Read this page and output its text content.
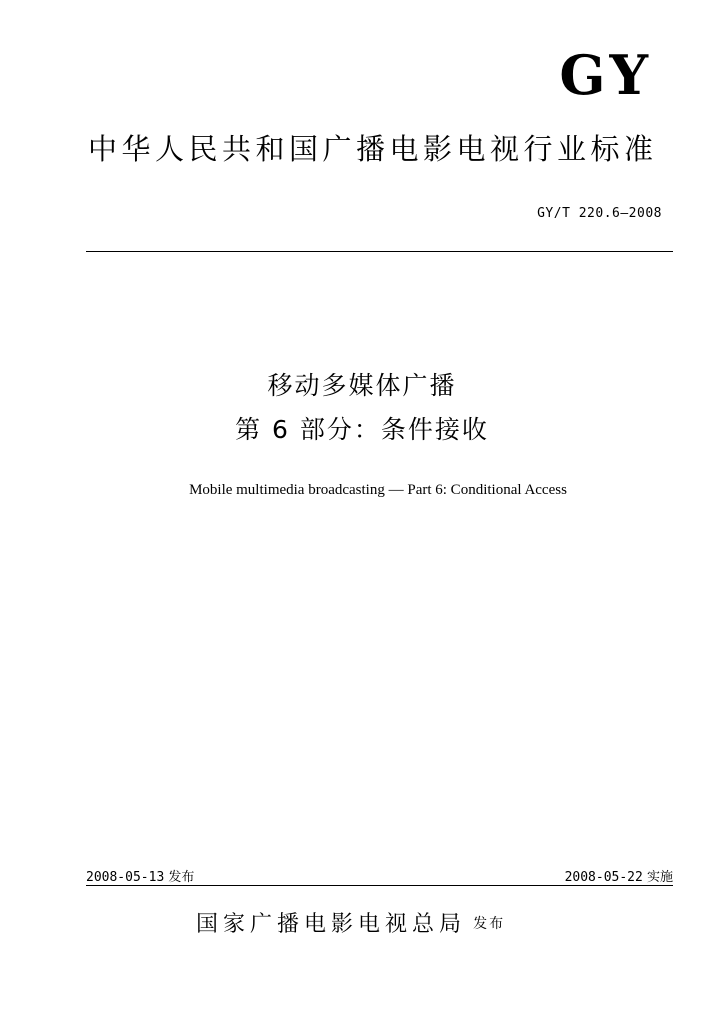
GY
中华人民共和国广播电影电视行业标准
GY/T 220.6—2008
移动多媒体广播
第 6 部分：条件接收
Mobile multimedia broadcasting — Part 6: Conditional Access
2008-05-13 发布	2008-05-22 实施
国家广播电影电视总局 发布
